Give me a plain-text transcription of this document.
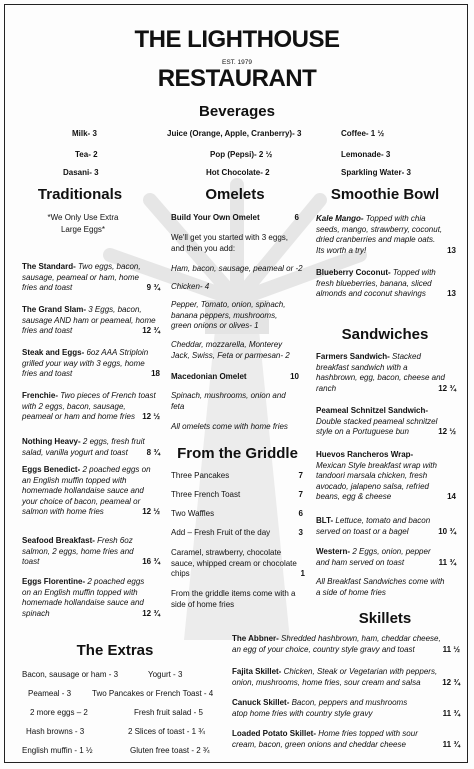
THE LIGHTHOUSE
EST. 1979
RESTAURANT
Beverages
Milk- 3	Juice (Orange, Apple, Cranberry)- 3	Coffee- 1 ½
Tea- 2	Pop (Pepsi)- 2 ½	Lemonade- 3
Dasani- 3	Hot Chocolate- 2	Sparkling Water- 3
Traditionals
*We Only Use Extra
Large Eggs*
The Standard- Two eggs, bacon,
sausage, peameal or ham, home
fries and toast	9 ¾
The Grand Slam- 3 Eggs, bacon,
sausage AND ham or peameal, home
fries and toast	12 ¾
Steak and Eggs- 6oz AAA Striploin
grilled your way with 3 eggs, home
fries and toast	18
Frenchie- Two pieces of French toast
with 2 eggs, bacon, sausage,
peameal or ham and home fries 12 ½
Nothing Heavy- 2 eggs, fresh fruit
salad, vanilla yogurt and toast 8 ¾
Eggs Benedict- 2 poached eggs on
an English muffin topped with
homemade hollandaise sauce and
your choice of bacon, peameal or
salmon with home fries	12 ½
Seafood Breakfast- Fresh 6oz
salmon, 2 eggs, home fries and
toast	16 ¾
Eggs Florentine- 2 poached eggs
on an English muffin topped with
homemade hollandaise sauce and
spinach	12 ¾
Omelets
Build Your Own Omelet	6
We'll get you started with 3 eggs,
and then you add:
Ham, bacon, sausage, peameal or -2
Chicken- 4
Pepper, Tomato, onion, spinach,
banana peppers, mushrooms,
green onions or olives- 1
Cheddar, mozzarella, Monterey
Jack, Swiss, Feta or parmesan- 2
Macedonian Omelet	10
Spinach, mushrooms, onion and
feta
All omelets come with home fries
From the Griddle
Three Pancakes	7
Three French Toast	7
Two Waffles	6
Add – Fresh Fruit of the day	3
Caramel, strawberry, chocolate
sauce, whipped cream or chocolate
chips	1
From the griddle items come with a
side of home fries
Smoothie Bowl
Kale Mango- Topped with chia
seeds, mango, strawberry, coconut,
dried cranberries and maple oats.
Its worth a try!	13
Blueberry Coconut- Topped with
fresh blueberries, banana, sliced
almonds and coconut shavings	13
Sandwiches
Farmers Sandwich- Stacked
breakfast sandwich with a
hashbrown, egg, bacon, cheese and
ranch	12 ¾
Peameal Schnitzel Sandwich-
Double stacked peameal schnitzel
style on a Portuguese bun	12 ½
Huevos Rancheros Wrap-
Mexican Style breakfast wrap with
tandoori marsala chicken, fresh
avocado, jalapeno salsa, refried
beans, egg & cheese	14
BLT- Lettuce, tomato and bacon
served on toast or a bagel	10 ¾
Western- 2 Eggs, onion, pepper
and ham served on toast	11 ¾
All Breakfast Sandwiches come with
a side of home fries
Skillets
The Abbner- Shredded hashbrown, ham, cheddar cheese,
an egg of your choice, country style gravy and toast	11 ½
Fajita Skillet- Chicken, Steak or Vegetarian with peppers,
onion, mushrooms, home fries, sour cream and salsa	12 ¾
Canuck Skillet- Bacon, peppers and mushrooms
atop home fries with country style gravy	11 ¾
Loaded Potato Skillet- Home fries topped with sour
cream, bacon, green onions and cheddar cheese	11 ¾
The Extras
Bacon, sausage or ham - 3	Yogurt - 3
Peameal - 3	Two Pancakes or French Toast - 4
2 more eggs – 2	Fresh fruit salad - 5
Hash browns - 3	2 Slices of toast - 1 ¾
English muffin - 1 ½	Gluten free toast - 2 ¾
